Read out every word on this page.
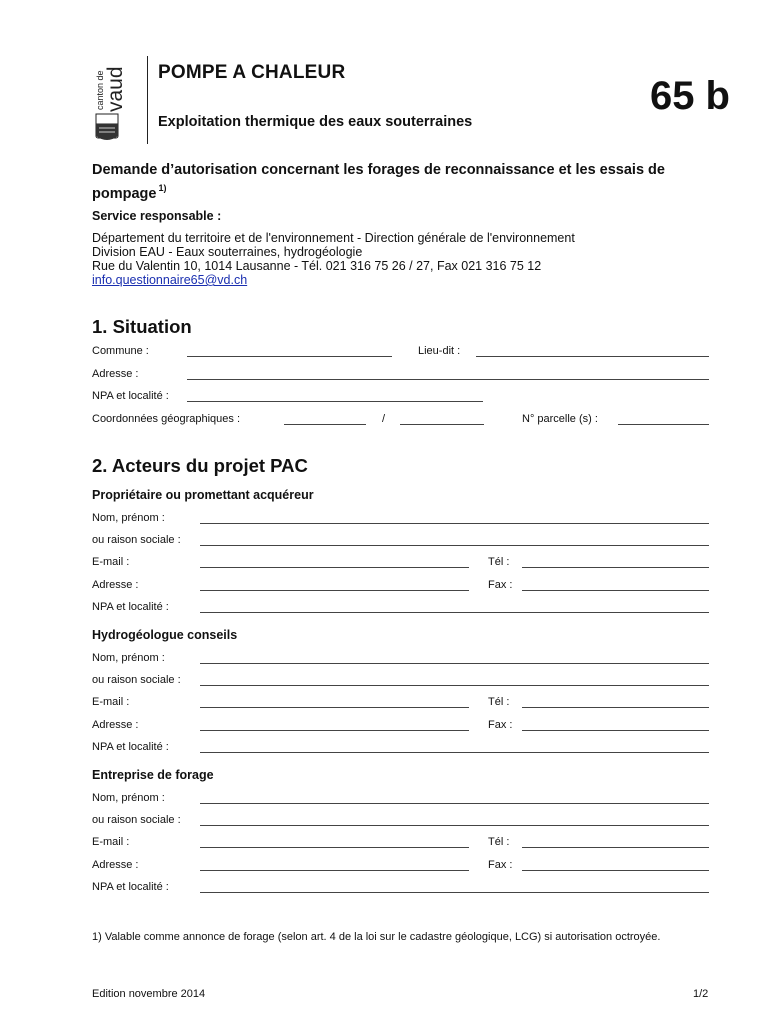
canton de vaud POMPE A CHALEUR
Exploitation thermique des eaux souterraines
65 b
Demande d’autorisation concernant les forages de reconnaissance et les essais de pompage $^{1)}$
Service responsable :
Département du territoire et de l'environnement - Direction générale de l'environnement
Division EAU - Eaux souterraines, hydrogéologie
Rue du Valentin 10, 1014 Lausanne - Tél. 021 316 75 26 / 27, Fax 021 316 75 12
info.questionnaire65@vd.ch
1. Situation
Commune :	Lieu-dit :
Adresse :
NPA et localité :
Coordonnées géographiques :	/	N° parcelle (s) :
2. Acteurs du projet PAC
Propriétaire ou promettant acquéreur
Nom, prénom :
ou raison sociale :
E-mail :	Tél :
Adresse :	Fax :
NPA et localité :
Hydrogéologue conseils
Nom, prénom :
ou raison sociale :
E-mail :	Tél :
Adresse :	Fax :
NPA et localité :
Entreprise de forage
Nom, prénom :
ou raison sociale :
E-mail :	Tél :
Adresse :	Fax :
NPA et localité :
1) Valable comme annonce de forage (selon art. 4 de la loi sur le cadastre géologique, LCG) si autorisation octroyée.
Edition novembre 2014	1/2
